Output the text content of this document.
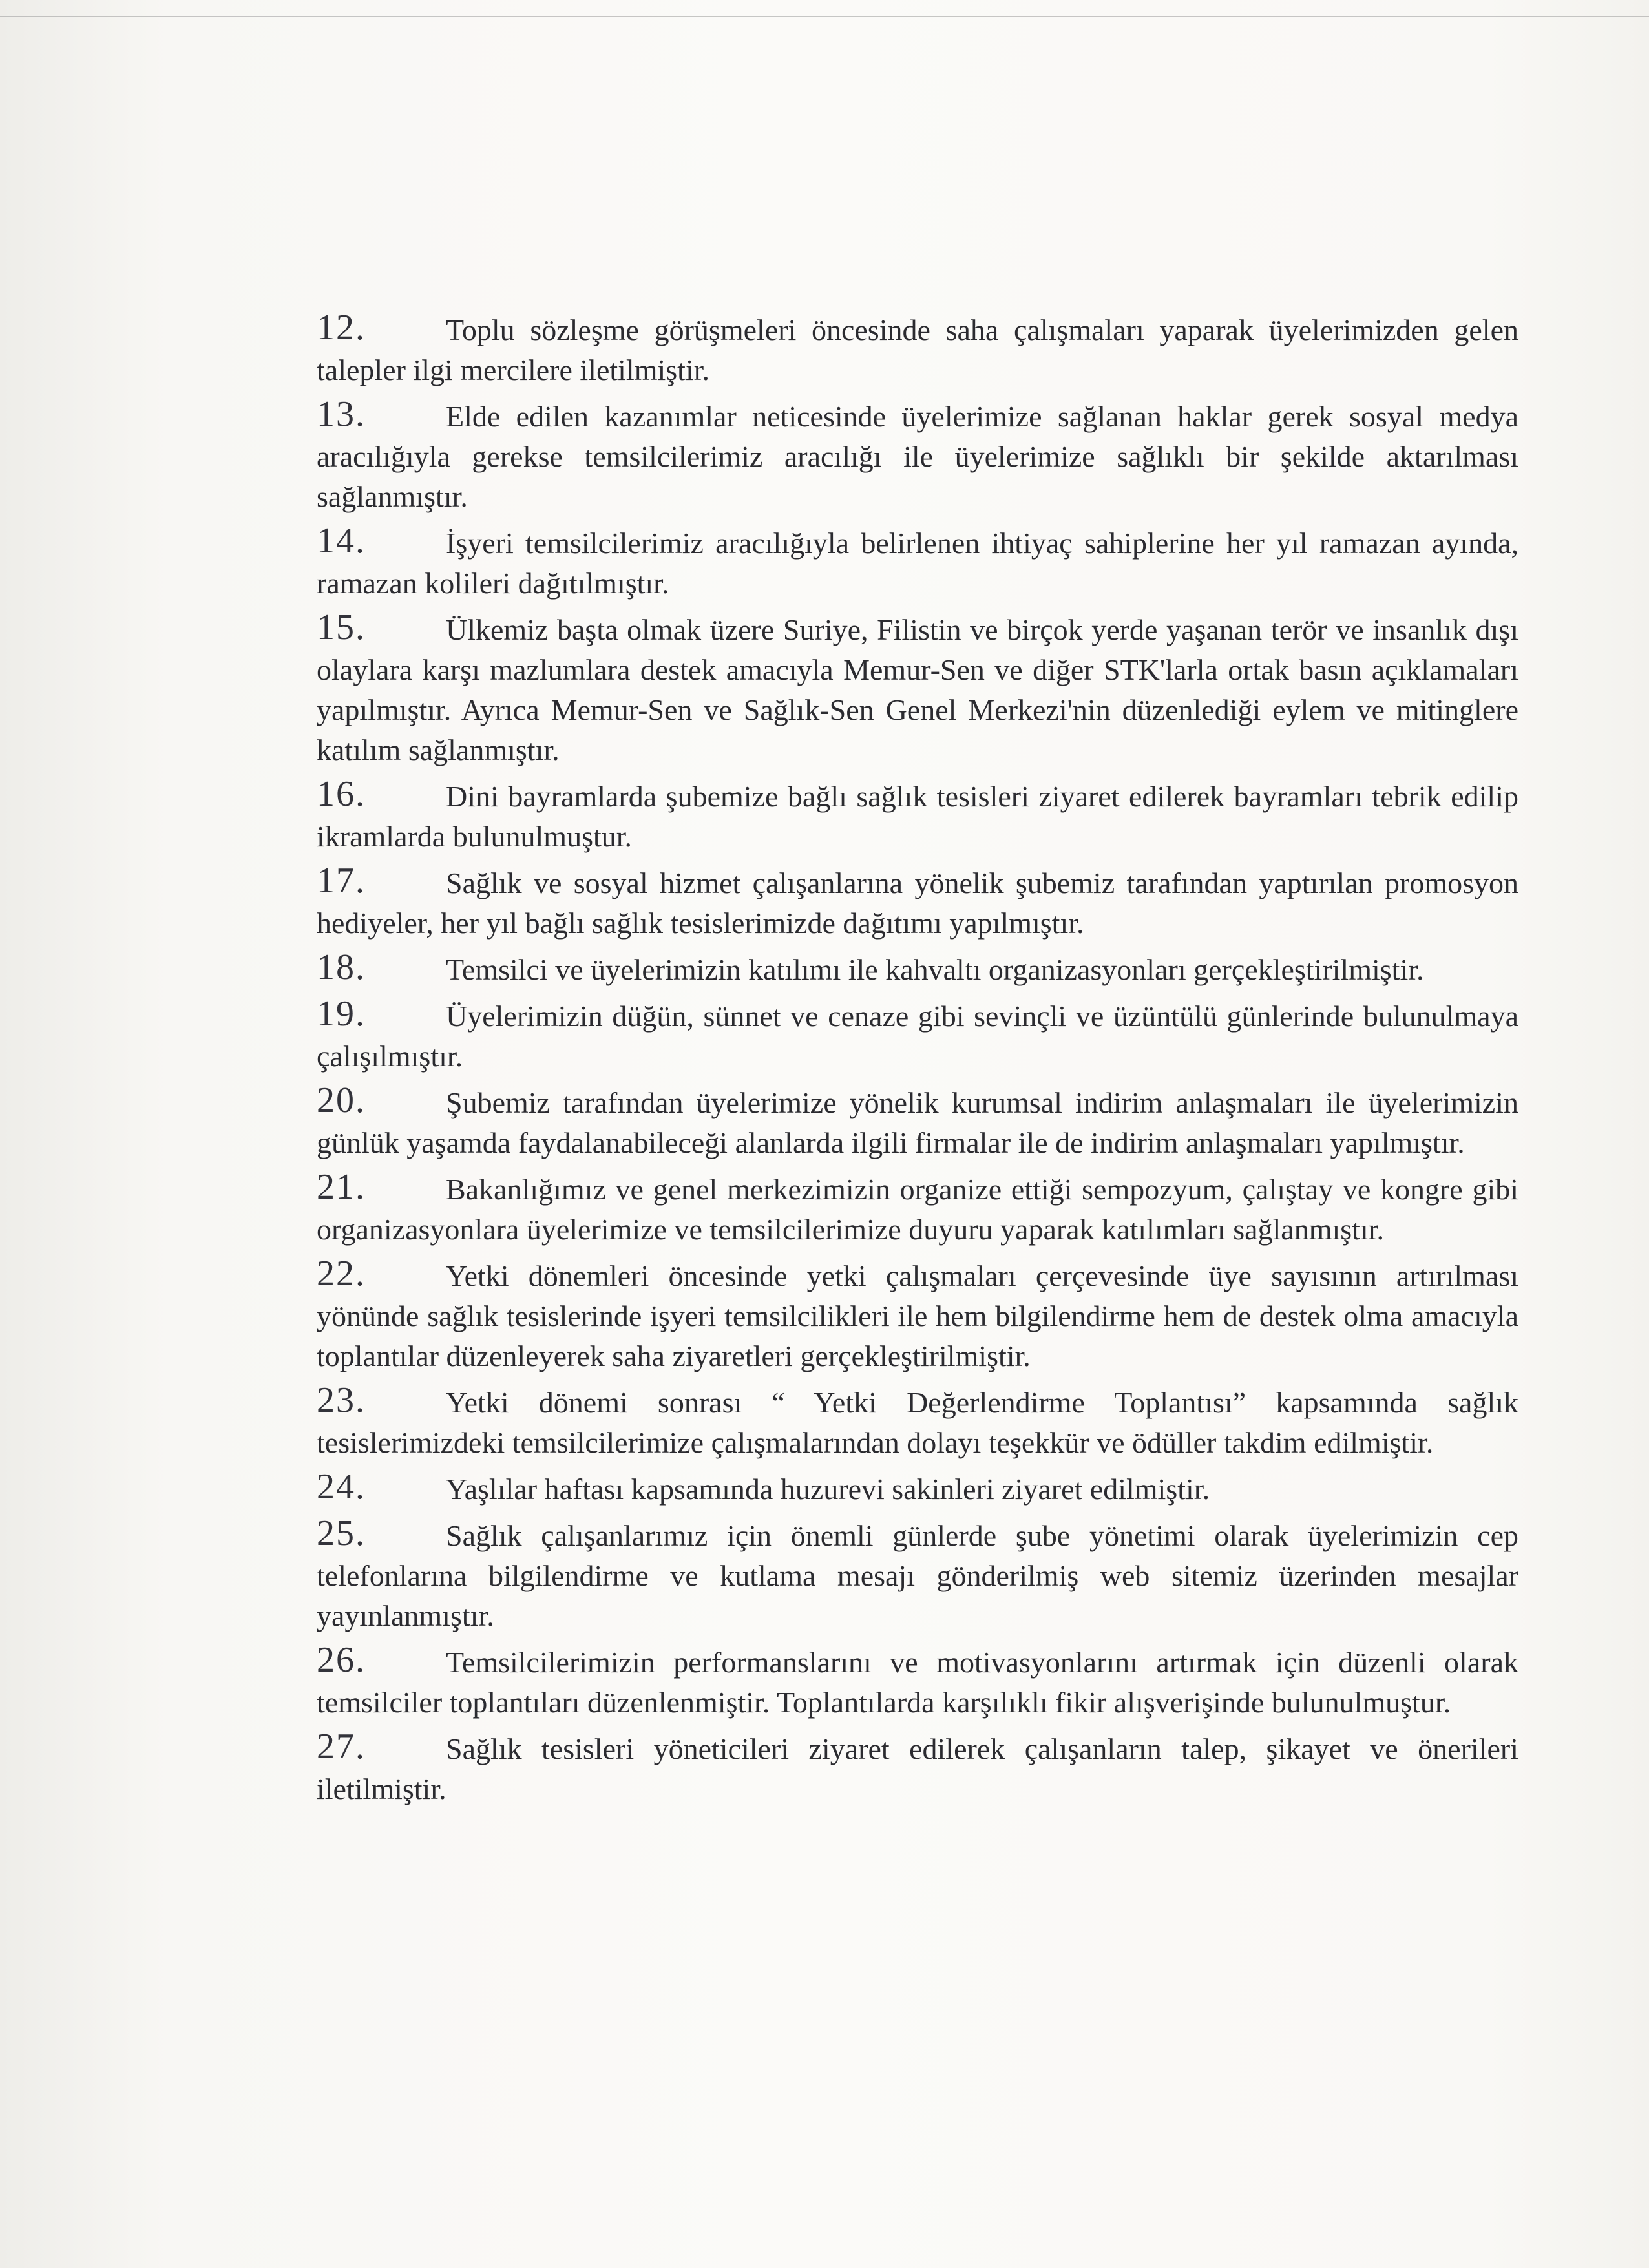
12.	Toplu sözleşme görüşmeleri öncesinde saha çalışmaları yaparak üyelerimizden gelen talepler ilgi mercilere iletilmiştir.
13.	Elde edilen kazanımlar neticesinde üyelerimize sağlanan haklar gerek sosyal medya aracılığıyla gerekse temsilcilerimiz aracılığı ile üyelerimize sağlıklı bir şekilde aktarılması sağlanmıştır.
14.	İşyeri temsilcilerimiz aracılığıyla belirlenen ihtiyaç sahiplerine her yıl ramazan ayında, ramazan kolileri dağıtılmıştır.
15.	Ülkemiz başta olmak üzere Suriye, Filistin ve birçok yerde yaşanan terör ve insanlık dışı olaylara karşı mazlumlara destek amacıyla Memur-Sen ve diğer STK'larla ortak basın açıklamaları yapılmıştır. Ayrıca Memur-Sen ve Sağlık-Sen Genel Merkezi'nin düzenlediği eylem ve mitinglere katılım sağlanmıştır.
16.	Dini bayramlarda şubemize bağlı sağlık tesisleri ziyaret edilerek bayramları tebrik edilip ikramlarda bulunulmuştur.
17.	Sağlık ve sosyal hizmet çalışanlarına yönelik şubemiz tarafından yaptırılan promosyon hediyeler, her yıl bağlı sağlık tesislerimizde dağıtımı yapılmıştır.
18.	Temsilci ve üyelerimizin katılımı ile kahvaltı organizasyonları gerçekleştirilmiştir.
19.	Üyelerimizin düğün, sünnet ve cenaze gibi sevinçli ve üzüntülü günlerinde bulunulmaya çalışılmıştır.
20.	Şubemiz tarafından üyelerimize yönelik kurumsal indirim anlaşmaları ile üyelerimizin günlük yaşamda faydalanabileceği alanlarda ilgili firmalar ile de indirim anlaşmaları yapılmıştır.
21.	Bakanlığımız ve genel merkezimizin organize ettiği sempozyum, çalıştay ve kongre gibi organizasyonlara üyelerimize ve temsilcilerimize duyuru yaparak katılımları sağlanmıştır.
22.	Yetki dönemleri öncesinde yetki çalışmaları çerçevesinde üye sayısının artırılması yönünde sağlık tesislerinde işyeri temsilcilikleri ile hem bilgilendirme hem de destek olma amacıyla toplantılar düzenleyerek saha ziyaretleri gerçekleştirilmiştir.
23.	Yetki dönemi sonrası “ Yetki Değerlendirme Toplantısı” kapsamında sağlık tesislerimizdeki temsilcilerimize çalışmalarından dolayı teşekkür ve ödüller takdim edilmiştir.
24.	Yaşlılar haftası kapsamında huzurevi sakinleri ziyaret edilmiştir.
25.	Sağlık çalışanlarımız için önemli günlerde şube yönetimi olarak üyelerimizin cep telefonlarına bilgilendirme ve kutlama mesajı gönderilmiş web sitemiz üzerinden mesajlar yayınlanmıştır.
26.	Temsilcilerimizin performanslarını ve motivasyonlarını artırmak için düzenli olarak temsilciler toplantıları düzenlenmiştir. Toplantılarda karşılıklı fikir alışverişinde bulunulmuştur.
27.	Sağlık tesisleri yöneticileri ziyaret edilerek çalışanların talep, şikayet ve önerileri iletilmiştir.
